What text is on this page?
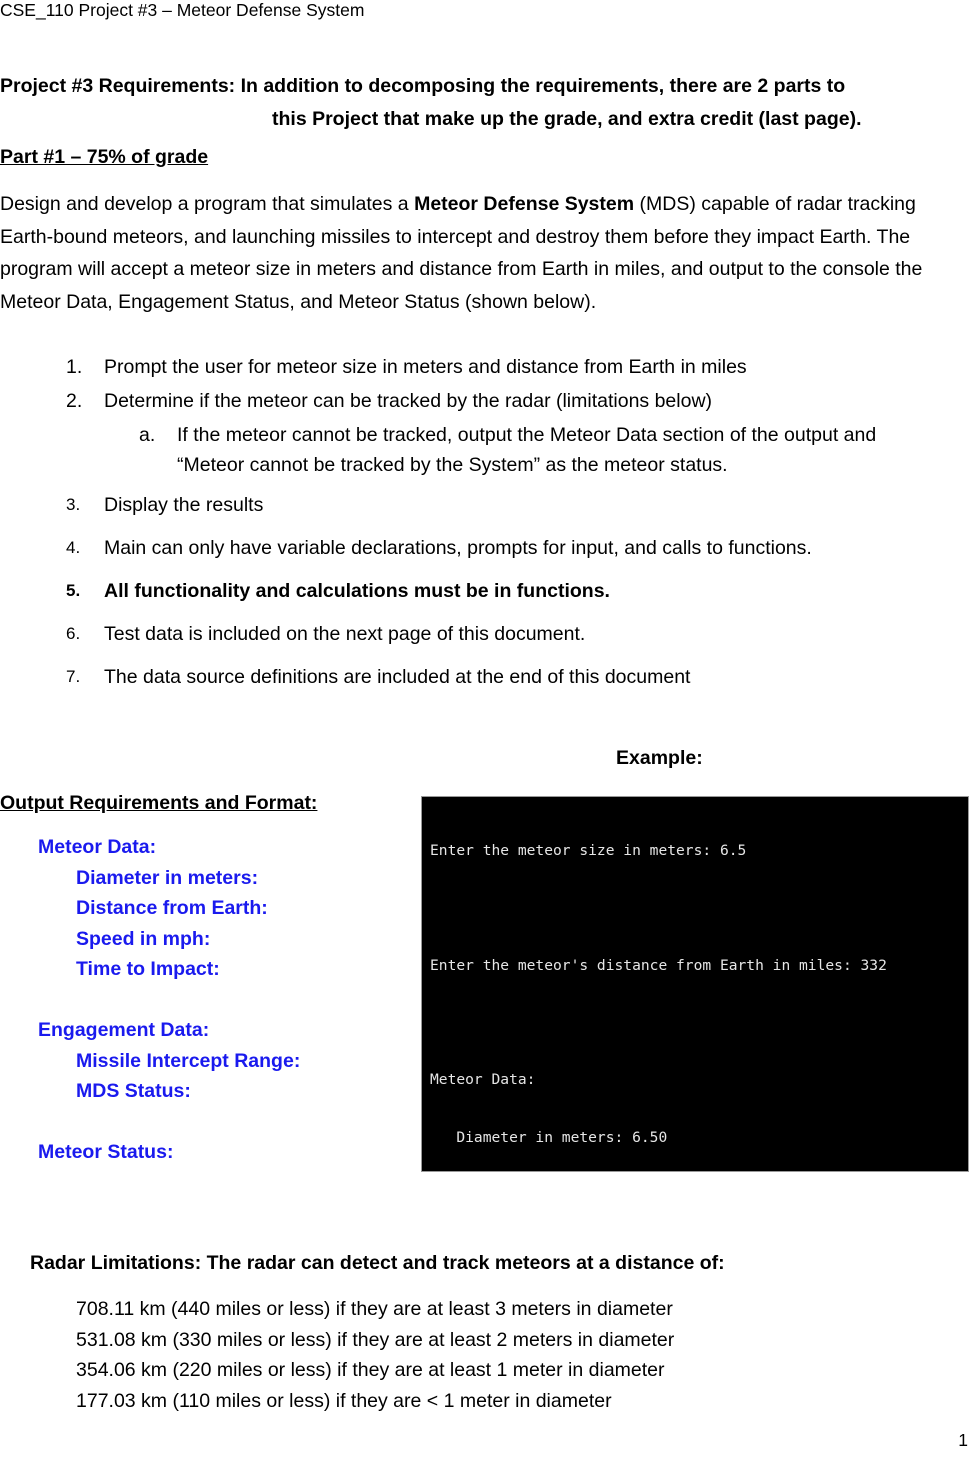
CSE_110 Project #3 – Meteor Defense System
Project #3 Requirements: In addition to decomposing the requirements, there are 2 parts to
this Project that make up the grade, and extra credit (last page).
Part #1 – 75% of grade
Design and develop a program that simulates a Meteor Defense System (MDS) capable of radar tracking Earth-bound meteors, and launching missiles to intercept and destroy them before they impact Earth. The program will accept a meteor size in meters and distance from Earth in miles, and output to the console the Meteor Data, Engagement Status, and Meteor Status (shown below).
1. Prompt the user for meteor size in meters and distance from Earth in miles
2. Determine if the meteor can be tracked by the radar (limitations below)
a. If the meteor cannot be tracked, output the Meteor Data section of the output and “Meteor cannot be tracked by the System” as the meteor status.
3. Display the results
4. Main can only have variable declarations, prompts for input, and calls to functions.
5. All functionality and calculations must be in functions.
6. Test data is included on the next page of this document.
7. The data source definitions are included at the end of this document
Example:
Output Requirements and Format:
Meteor Data:
Diameter in meters:
Distance from Earth:
Speed in mph:
Time to Impact:
Engagement Data:
Missile Intercept Range:
MDS Status:
Meteor Status:

Enter the meteor size in meters: 6.5

Enter the meteor's distance from Earth in miles: 332

Meteor Data:

Diameter in meters: 6.50

Radar Limitations: The radar can detect and track meteors at a distance of:
708.11 km (440 miles or less) if they are at least 3 meters in diameter
531.08 km (330 miles or less) if they are at least 2 meters in diameter
354.06 km (220 miles or less) if they are at least 1 meter in diameter
177.03 km (110 miles or less) if they are < 1 meter in diameter
1
